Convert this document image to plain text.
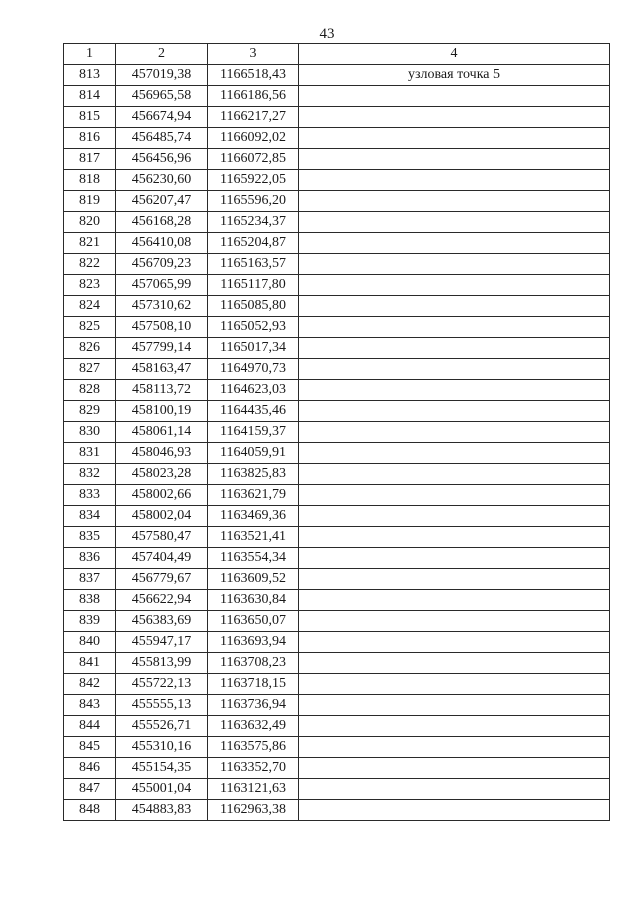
43
1	2	3	4
813	457019,38	1166518,43	узловая точка 5
814	456965,58	1166186,56	
815	456674,94	1166217,27	
816	456485,74	1166092,02	
817	456456,96	1166072,85	
818	456230,60	1165922,05	
819	456207,47	1165596,20	
820	456168,28	1165234,37	
821	456410,08	1165204,87	
822	456709,23	1165163,57	
823	457065,99	1165117,80	
824	457310,62	1165085,80	
825	457508,10	1165052,93	
826	457799,14	1165017,34	
827	458163,47	1164970,73	
828	458113,72	1164623,03	
829	458100,19	1164435,46	
830	458061,14	1164159,37	
831	458046,93	1164059,91	
832	458023,28	1163825,83	
833	458002,66	1163621,79	
834	458002,04	1163469,36	
835	457580,47	1163521,41	
836	457404,49	1163554,34	
837	456779,67	1163609,52	
838	456622,94	1163630,84	
839	456383,69	1163650,07	
840	455947,17	1163693,94	
841	455813,99	1163708,23	
842	455722,13	1163718,15	
843	455555,13	1163736,94	
844	455526,71	1163632,49	
845	455310,16	1163575,86	
846	455154,35	1163352,70	
847	455001,04	1163121,63	
848	454883,83	1162963,38	
